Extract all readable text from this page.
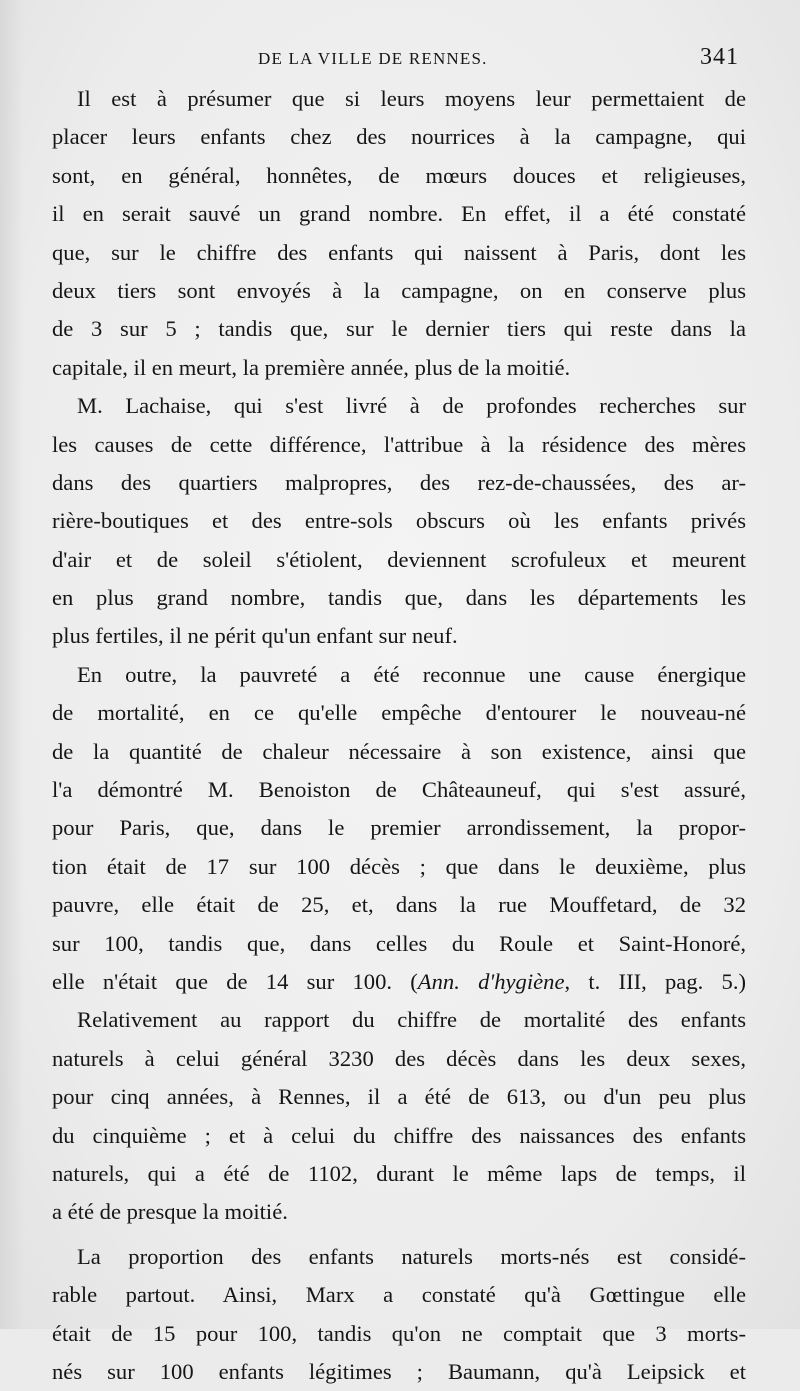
DE LA VILLE DE RENNES.	341
Il est à présumer que si leurs moyens leur permettaient de
placer leurs enfants chez des nourrices à la campagne, qui
sont, en général, honnêtes, de mœurs douces et religieuses,
il en serait sauvé un grand nombre. En effet, il a été constaté
que, sur le chiffre des enfants qui naissent à Paris, dont les
deux tiers sont envoyés à la campagne, on en conserve plus
de 3 sur 5 ; tandis que, sur le dernier tiers qui reste dans la
capitale, il en meurt, la première année, plus de la moitié.
M. Lachaise, qui s'est livré à de profondes recherches sur
les causes de cette différence, l'attribue à la résidence des mères
dans des quartiers malpropres, des rez-de-chaussées, des ar-
rière-boutiques et des entre-sols obscurs où les enfants privés
d'air et de soleil s'étiolent, deviennent scrofuleux et meurent
en plus grand nombre, tandis que, dans les départements les
plus fertiles, il ne périt qu'un enfant sur neuf.
En outre, la pauvreté a été reconnue une cause énergique
de mortalité, en ce qu'elle empêche d'entourer le nouveau-né
de la quantité de chaleur nécessaire à son existence, ainsi que
l'a démontré M. Benoiston de Châteauneuf, qui s'est assuré,
pour Paris, que, dans le premier arrondissement, la propor-
tion était de 17 sur 100 décès ; que dans le deuxième, plus
pauvre, elle était de 25, et, dans la rue Mouffetard, de 32
sur 100, tandis que, dans celles du Roule et Saint-Honoré,
elle n'était que de 14 sur 100. (Ann. d'hygiène, t. III, pag. 5.)
Relativement au rapport du chiffre de mortalité des enfants
naturels à celui général 3230 des décès dans les deux sexes,
pour cinq années, à Rennes, il a été de 613, ou d'un peu plus
du cinquième ; et à celui du chiffre des naissances des enfants
naturels, qui a été de 1102, durant le même laps de temps, il
a été de presque la moitié.
La proportion des enfants naturels morts-nés est considé-
rable partout. Ainsi, Marx a constaté qu'à Gœttingue elle
était de 15 pour 100, tandis qu'on ne comptait que 3 morts-
nés sur 100 enfants légitimes ; Baumann, qu'à Leipsick et
